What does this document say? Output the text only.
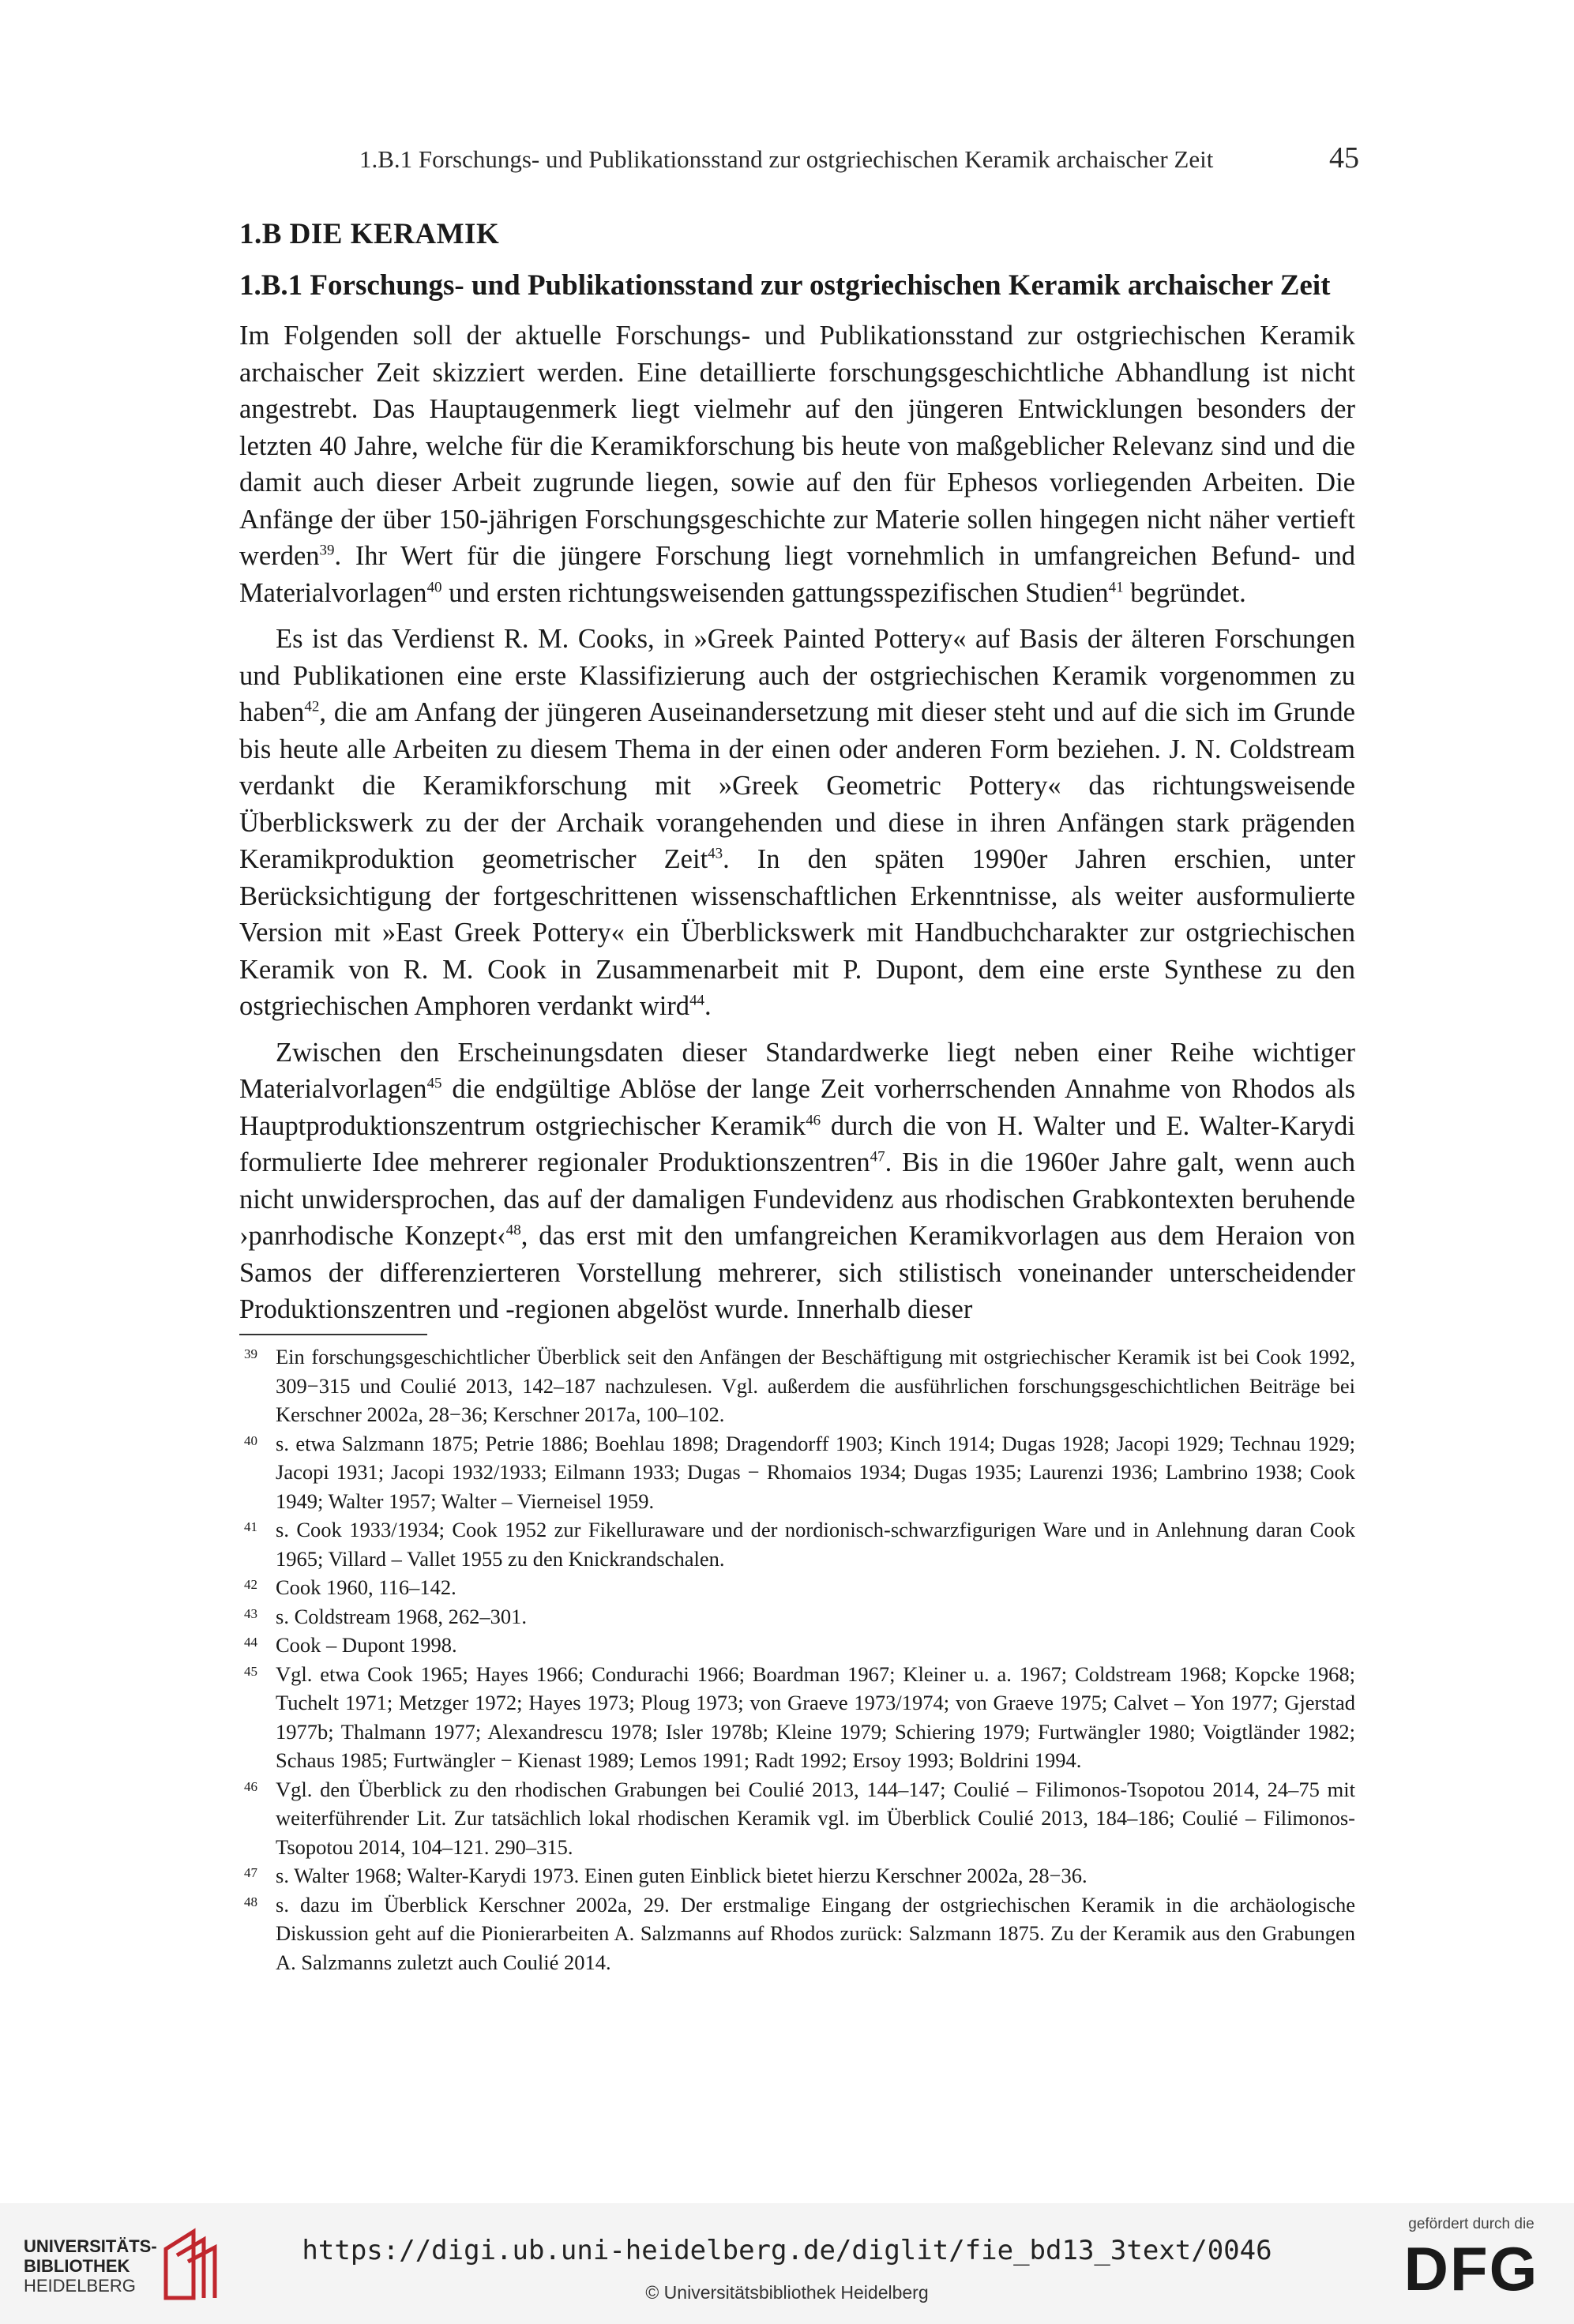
1.B.1 Forschungs- und Publikationsstand zur ostgriechischen Keramik archaischer Zeit	45
1.B DIE KERAMIK
1.B.1 Forschungs- und Publikationsstand zur ostgriechischen Keramik archaischer Zeit

Im Folgenden soll der aktuelle Forschungs- und Publikationsstand zur ostgriechischen Keramik archaischer Zeit skizziert werden. Eine detaillierte forschungsgeschichtliche Abhandlung ist nicht angestrebt. Das Hauptaugenmerk liegt vielmehr auf den jüngeren Entwicklungen besonders der letzten 40 Jahre, welche für die Keramikforschung bis heute von maßgeblicher Relevanz sind und die damit auch dieser Arbeit zugrunde liegen, sowie auf den für Ephesos vorliegenden Arbeiten. Die Anfänge der über 150-jährigen Forschungsgeschichte zur Materie sollen hingegen nicht näher vertieft werden$^{39}$. Ihr Wert für die jüngere Forschung liegt vornehmlich in umfangreichen Befund- und Materialvorlagen$^{40}$ und ersten richtungsweisenden gattungsspezifischen Studien$^{41}$ begründet.

Es ist das Verdienst R. M. Cooks, in »Greek Painted Pottery« auf Basis der älteren Forschungen und Publikationen eine erste Klassifizierung auch der ostgriechischen Keramik vorgenommen zu haben$^{42}$, die am Anfang der jüngeren Auseinandersetzung mit dieser steht und auf die sich im Grunde bis heute alle Arbeiten zu diesem Thema in der einen oder anderen Form beziehen. J. N. Coldstream verdankt die Keramikforschung mit »Greek Geometric Pottery« das richtungsweisende Überblickswerk zu der der Archaik vorangehenden und diese in ihren Anfängen stark prägenden Keramikproduktion geometrischer Zeit$^{43}$. In den späten 1990er Jahren erschien, unter Berücksichtigung der fortgeschrittenen wissenschaftlichen Erkenntnisse, als weiter ausformulierte Version mit »East Greek Pottery« ein Überblickswerk mit Handbuchcharakter zur ostgriechischen Keramik von R. M. Cook in Zusammenarbeit mit P. Dupont, dem eine erste Synthese zu den ostgriechischen Amphoren verdankt wird$^{44}$.

Zwischen den Erscheinungsdaten dieser Standardwerke liegt neben einer Reihe wichtiger Materialvorlagen$^{45}$ die endgültige Ablöse der lange Zeit vorherrschenden Annahme von Rhodos als Hauptproduktionszentrum ostgriechischer Keramik$^{46}$ durch die von H. Walter und E. Walter-Karydi formulierte Idee mehrerer regionaler Produktionszentren$^{47}$. Bis in die 1960er Jahre galt, wenn auch nicht unwidersprochen, das auf der damaligen Fundevidenz aus rhodischen Grabkontexten beruhende ›panrhodische Konzept‹$^{48}$, das erst mit den umfangreichen Keramikvorlagen aus dem Heraion von Samos der differenzierteren Vorstellung mehrerer, sich stilistisch voneinander unterscheidender Produktionszentren und -regionen abgelöst wurde. Innerhalb dieser

39 Ein forschungsgeschichtlicher Überblick seit den Anfängen der Beschäftigung mit ostgriechischer Keramik ist bei Cook 1992, 309−315 und Coulié 2013, 142–187 nachzulesen. Vgl. außerdem die ausführlichen forschungsgeschichtlichen Beiträge bei Kerschner 2002a, 28−36; Kerschner 2017a, 100–102.

40 s. etwa Salzmann 1875; Petrie 1886; Boehlau 1898; Dragendorff 1903; Kinch 1914; Dugas 1928; Jacopi 1929; Technau 1929; Jacopi 1931; Jacopi 1932/1933; Eilmann 1933; Dugas − Rhomaios 1934; Dugas 1935; Laurenzi 1936; Lambrino 1938; Cook 1949; Walter 1957; Walter – Vierneisel 1959.

41 s. Cook 1933/1934; Cook 1952 zur Fikelluraware und der nordionisch-schwarzfigurigen Ware und in Anlehnung daran Cook 1965; Villard – Vallet 1955 zu den Knickrandschalen.

42 Cook 1960, 116–142.

43 s. Coldstream 1968, 262–301.

44 Cook – Dupont 1998.

45 Vgl. etwa Cook 1965; Hayes 1966; Condurachi 1966; Boardman 1967; Kleiner u. a. 1967; Coldstream 1968; Kopcke 1968; Tuchelt 1971; Metzger 1972; Hayes 1973; Ploug 1973; von Graeve 1973/1974; von Graeve 1975; Calvet – Yon 1977; Gjerstad 1977b; Thalmann 1977; Alexandrescu 1978; Isler 1978b; Kleine 1979; Schiering 1979; Furtwängler 1980; Voigtländer 1982; Schaus 1985; Furtwängler − Kienast 1989; Lemos 1991; Radt 1992; Ersoy 1993; Boldrini 1994.

46 Vgl. den Überblick zu den rhodischen Grabungen bei Coulié 2013, 144–147; Coulié – Filimonos-Tsopotou 2014, 24–75 mit weiterführender Lit. Zur tatsächlich lokal rhodischen Keramik vgl. im Überblick Coulié 2013, 184–186; Coulié – Filimonos-Tsopotou 2014, 104–121. 290–315.

47 s. Walter 1968; Walter-Karydi 1973. Einen guten Einblick bietet hierzu Kerschner 2002a, 28−36.

48 s. dazu im Überblick Kerschner 2002a, 29. Der erstmalige Eingang der ostgriechischen Keramik in die archäologische Diskussion geht auf die Pionierarbeiten A. Salzmanns auf Rhodos zurück: Salzmann 1875. Zu der Keramik aus den Grabungen A. Salzmanns zuletzt auch Coulié 2014.

UNIVERSITÄTS-
BIBLIOTHEK
HEIDELBERG
https://digi.ub.uni-heidelberg.de/diglit/fie_bd13_3text/0046
© Universitätsbibliothek Heidelberg
gefördert durch die
DFG
